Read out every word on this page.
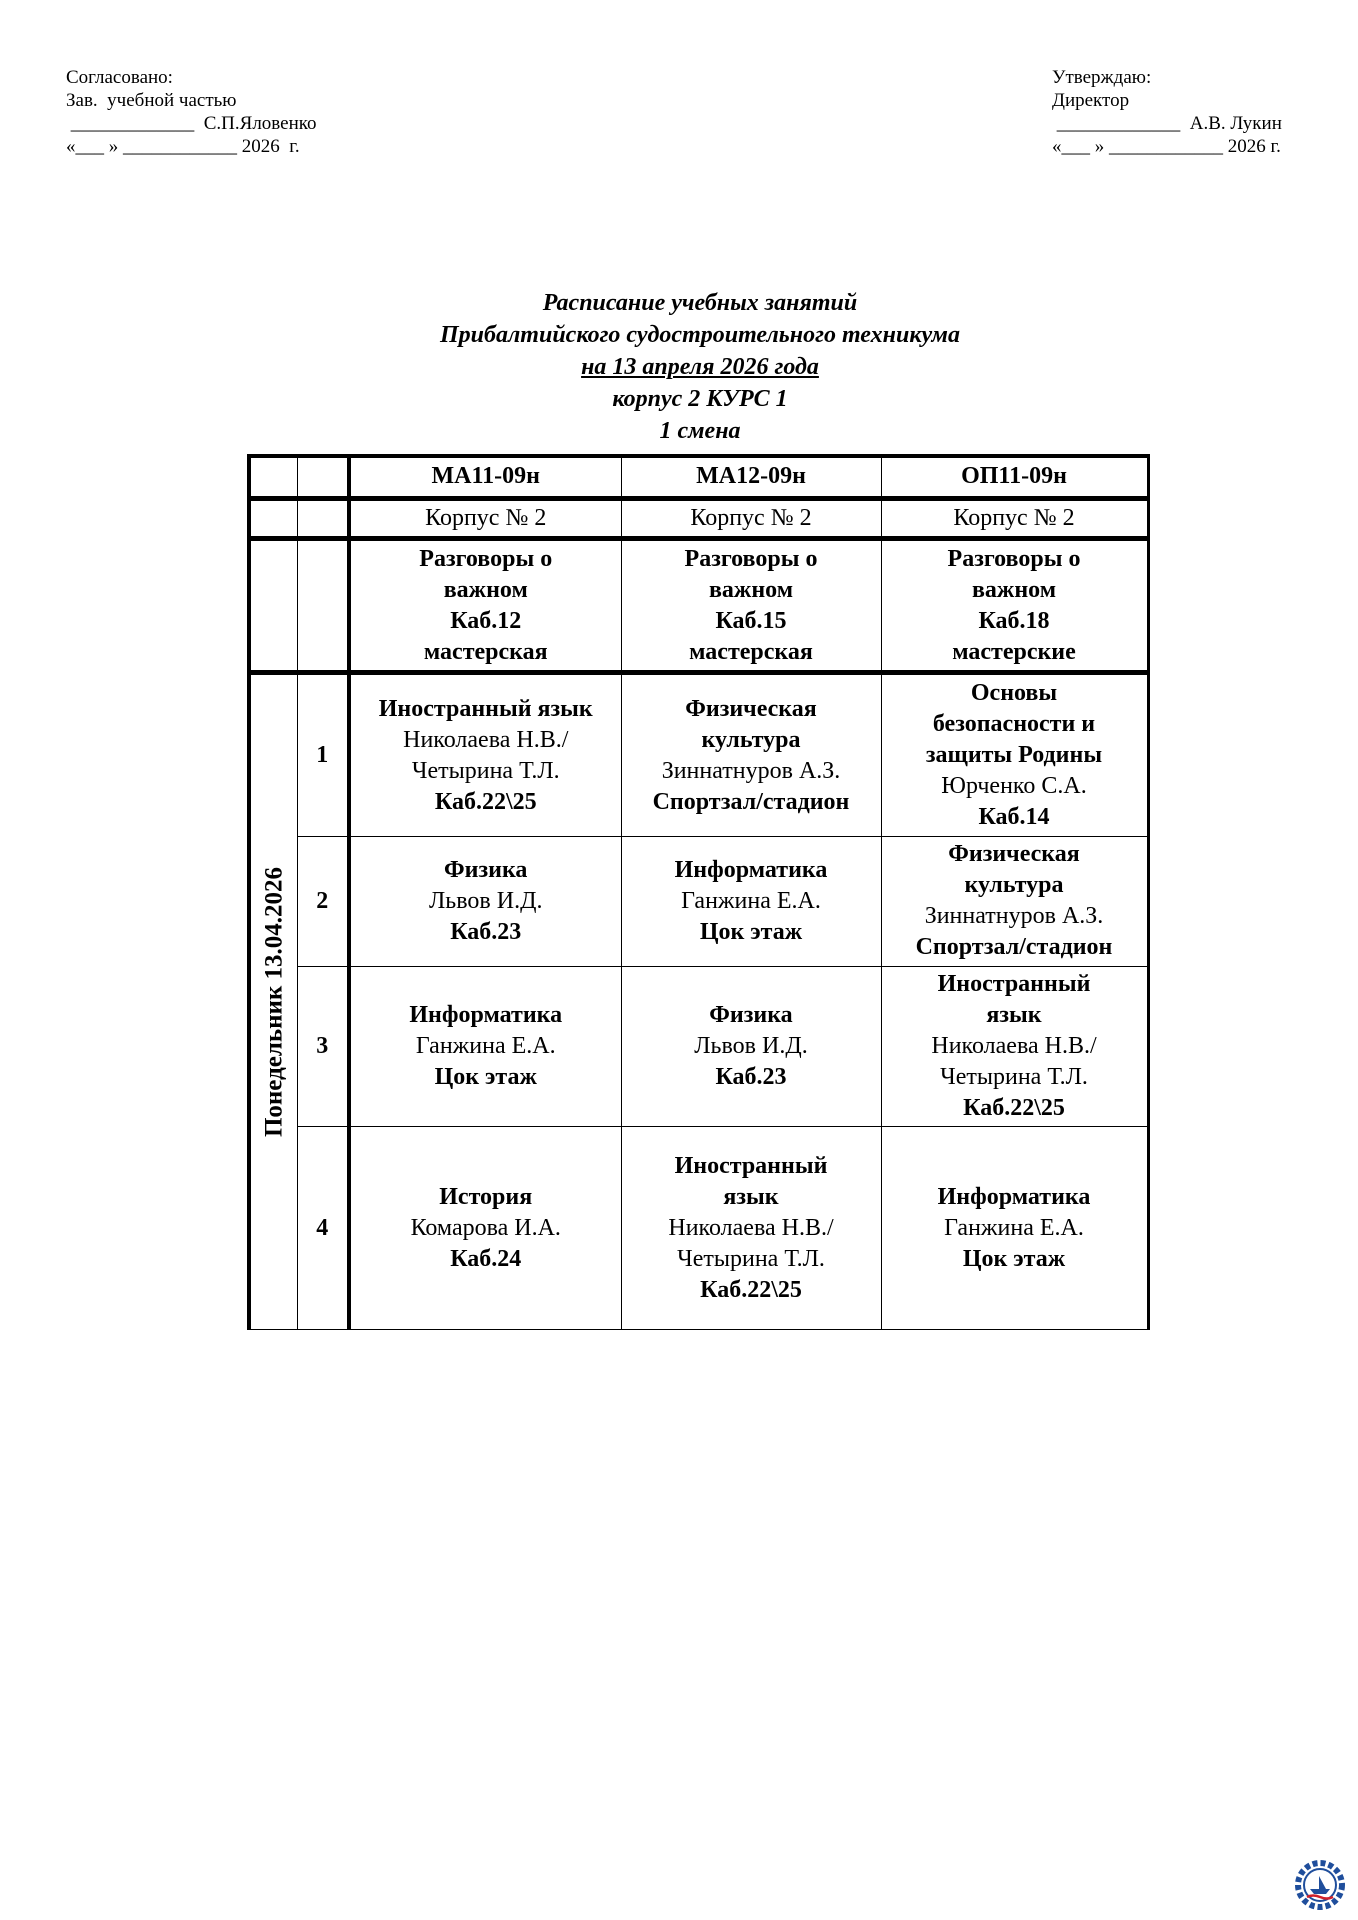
Согласовано:
Зав.  учебной частью
_____________  С.П.Яловенко
«___ » ____________ 2026  г.
Утверждаю:
Директор
_____________  А.В. Лукин
«___ » ____________ 2026 г.
Расписание учебных занятий
Прибалтийского судостроительного техникума
на 13 апреля 2026 года
корпус 2 КУРС 1
1 смена
		МА11-09н	МА12-09н	ОП11-09н
		Корпус № 2	Корпус № 2	Корпус № 2

		Разговоры о
важном
Каб.12
мастерская	Разговоры о
важном
Каб.15
мастерская	Разговоры о
важном
Каб.18
мастерские

Понедельник 13.04.2026	1	Иностранный язык
Николаева Н.В./
Четырина Т.Л.
Каб.22\25	Физическая
культура
Зиннатнуров А.З.
Спортзал/стадион	Основы
безопасности и
защиты Родины
Юрченко С.А.
Каб.14

	2	Физика
Львов И.Д.
Каб.23	Информатика
Ганжина Е.А.
Цок этаж	Физическая
культура
Зиннатнуров А.З.
Спортзал/стадион

	3	Информатика
Ганжина Е.А.
Цок этаж	Физика
Львов И.Д.
Каб.23	Иностранный
язык
Николаева Н.В./
Четырина Т.Л.
Каб.22\25

	4	История
Комарова И.А.
Каб.24	Иностранный
язык
Николаева Н.В./
Четырина Т.Л.
Каб.22\25	Информатика
Ганжина Е.А.
Цок этаж
